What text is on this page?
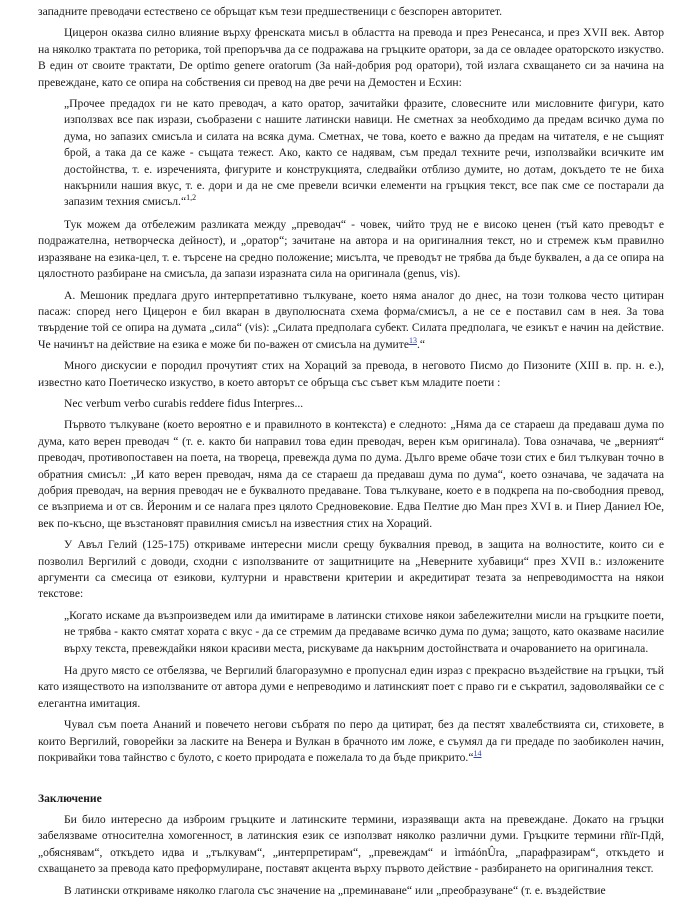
западните преводачи естествено се обръщат към тези предшественици с безспорен авторитет.

Цицерон оказва силно влияние върху френската мисъл в областта на превода и през Ренесанса, и през XVII век. Автор на няколко трактата по реторика, той препоръчва да се подражава на гръцките оратори, за да се овладее ораторското изкуство. В един от своите трактати, De optimo genere oratorum (За най-добрия род оратори), той излага схващането си за начина на превеждане, като се опира на собствения си превод на две речи на Демостен и Есхин:

„Прочее предадох ги не като преводач, а като оратор, зачитайки фразите, словесните или мисловните фигури, като използвах все пак изрази, съобразени с нашите латински навици. Не сметнах за необходимо да предам всичко дума по дума, но запазих смисъла и силата на всяка дума. Сметнах, че това, което е важно да предам на читателя, е не същият брой, а така да се каже - същата тежест. Ако, както се надявам, съм предал техните речи, използвайки всичките им достойнства, т. е. изреченията, фигурите и конструкцията, следвайки отблизо думите, но дотам, докъдето те не биха накърнили нашия вкус, т. е. дори и да не сме превели всички елементи на гръцкия текст, все пак сме се постарали да запазим техния смисъл.“$^{1,2}$

Тук можем да отбележим разликата между „преводач“ - човек, чийто труд не е високо ценен (тъй като преводът е подражателна, нетворческа дейност), и „оратор“; зачитане на автора и на оригиналния текст, но и стремеж към правилно изразяване на езика-цел, т. е. търсене на средно положение; мисълта, че преводът не трябва да бъде буквален, а да се опира на цялостното разбиране на смисъла, да запази изразната сила на оригинала (genus, vis).

А. Мешоник предлага друго интерпретативно тълкуване, което няма аналог до днес, на този толкова често цитиран пасаж: според него Цицерон е бил вкаран в двуполюсната схема форма/смисъл, а не се е поставил сам в нея. За това твърдение той се опира на думата „сила“ (vis): „Силата предполага субект. Силата предполага, че езикът е начин на действие. Че начинът на действие на езика е може би по-важен от смисъла на думите$^{13}$.“

Много дискусии е породил прочутият стих на Хораций за превода, в неговото Писмо до Пизоните (XIII в. пр. н. е.), известно като Поетическо изкуство, в което авторът се обръща със съвет към младите поети :

Nec verbum verbo curabis reddere fidus Interpres...

Първото тълкуване (което вероятно е и правилното в контекста) е следното: „Няма да се стараеш да предаваш дума по дума, като верен преводач “ (т. е. както би направил това един преводач, верен към оригинала). Това означава, че „верният“ преводач, противопоставен на поета, на твореца, превежда дума по дума. Дълго време обаче този стих е бил тълкуван точно в обратния смисъл: „И като верен преводач, няма да се стараеш да предаваш дума по дума“, което означава, че задачата на добрия преводач, на верния преводач не е буквалното предаване. Това тълкуване, което е в подкрепа на по-свободния превод, се възприема и от св. Йероним и се налага през цялото Средновековие. Едва Пелтие дю Ман през XVI в. и Пиер Даниел Юе, век по-късно, ще възстановят правилния смисъл на известния стих на Хораций.

У Авъл Гелий (125-175) откриваме интересни мисли срещу буквалния превод, в защита на волностите, които си е позволил Вергилий с доводи, сходни с използваните от защитниците на „Неверните хубавици“ през XVII в.: изложените аргументи са смесица от езикови, културни и нравствени критерии и акредитират тезата за непреводимостта на някои текстове:

„Когато искаме да възпроизведем или да имитираме в латински стихове някои забележителни мисли на гръцките поети, не трябва - както смятат хората с вкус - да се стремим да предаваме всичко дума по дума; защото, като оказваме насилие върху текста, превеждайки някои красиви места, рискуваме да накърним достойнствата и очарованието на оригинала.

На друго място се отбелязва, че Вергилий благоразумно е пропуснал един израз с прекрасно въздействие на гръцки, тъй като изяществото на използваните от автора думи е непреводимо и латинският поет с право ги е съкратил, задоволявайки се с елегантна имитация.

Чувал съм поета Ананий и повечето негови събратя по перо да цитират, без да пестят хвалебствията си, стиховете, в които Вергилий, говорейки за ласките на Венера и Вулкан в брачното им ложе, е съумял да ги предаде по заобиколен начин, покривайки това тайнство с булото, с което природата е пожелала то да бъде прикрито.“$^{14}$

Заключение

Би било интересно да изброим гръцките и латинските термини, изразяващи акта на превеждане. Докато на гръцки забелязваме относителна хомогенност, в латинския език се използват няколко различни думи. Гръцките термини rñïr-Пдй, „обяснявам“, откъдето идва и „тълкувам“, „интерпретирам“, „превеждам“ и ìrmáónÛra, „парафразирам“, откъдето и схващането за превода като преформулиране, поставят акцента върху първото действие - разбирането на оригиналния текст.

В латински откриваме няколко глагола със значение на „преминаване“ или „преобразуване“ (т. е. въздействие
